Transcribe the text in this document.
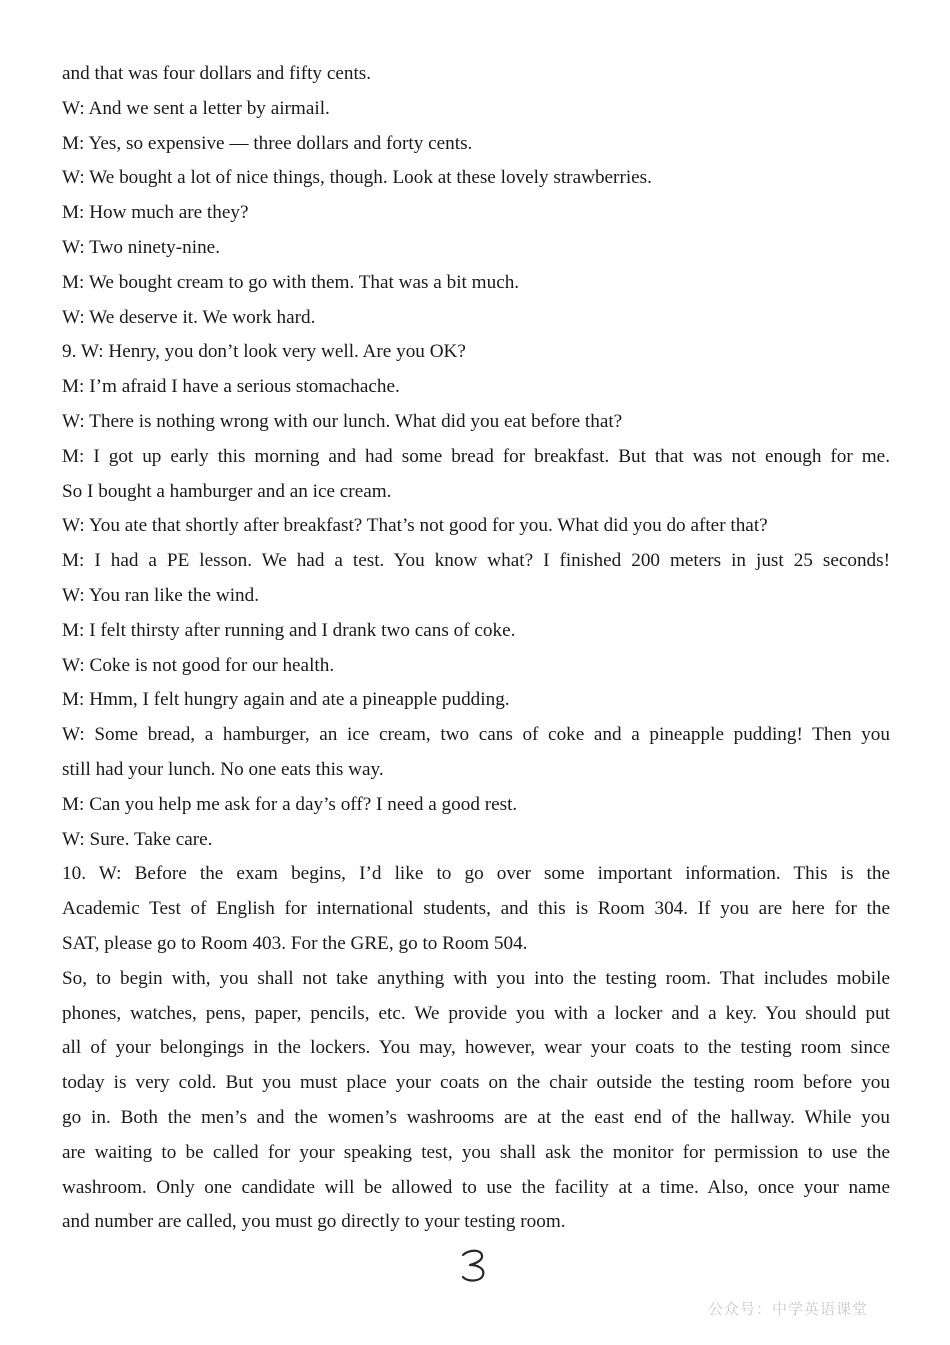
and that was four dollars and fifty cents.
W: And we sent a letter by airmail.
M: Yes, so expensive — three dollars and forty cents.
W: We bought a lot of nice things, though. Look at these lovely strawberries.
M: How much are they?
W: Two ninety-nine.
M: We bought cream to go with them. That was a bit much.
W: We deserve it. We work hard.
9. W: Henry, you don’t look very well. Are you OK?
M: I’m afraid I have a serious stomachache.
W: There is nothing wrong with our lunch. What did you eat before that?
M: I got up early this morning and had some bread for breakfast. But that was not enough for me.
So I bought a hamburger and an ice cream.
W: You ate that shortly after breakfast? That’s not good for you. What did you do after that?
M: I had a PE lesson. We had a test. You know what? I finished 200 meters in just 25 seconds!
W: You ran like the wind.
M: I felt thirsty after running and I drank two cans of coke.
W: Coke is not good for our health.
M: Hmm, I felt hungry again and ate a pineapple pudding.
W: Some bread, a hamburger, an ice cream, two cans of coke and a pineapple pudding! Then you
still had your lunch. No one eats this way.
M: Can you help me ask for a day’s off? I need a good rest.
W: Sure. Take care.
10. W: Before the exam begins, I’d like to go over some important information. This is the
Academic Test of English for international students, and this is Room 304. If you are here for the
SAT, please go to Room 403. For the GRE, go to Room 504.
So, to begin with, you shall not take anything with you into the testing room. That includes mobile
phones, watches, pens, paper, pencils, etc. We provide you with a locker and a key. You should put
all of your belongings in the lockers. You may, however, wear your coats to the testing room since
today is very cold. But you must place your coats on the chair outside the testing room before you
go in. Both the men’s and the women’s washrooms are at the east end of the hallway. While you
are waiting to be called for your speaking test, you shall ask the monitor for permission to use the
washroom. Only one candidate will be allowed to use the facility at a time. Also, once your name
and number are called, you must go directly to your testing room.
公众号：中学英语课堂
